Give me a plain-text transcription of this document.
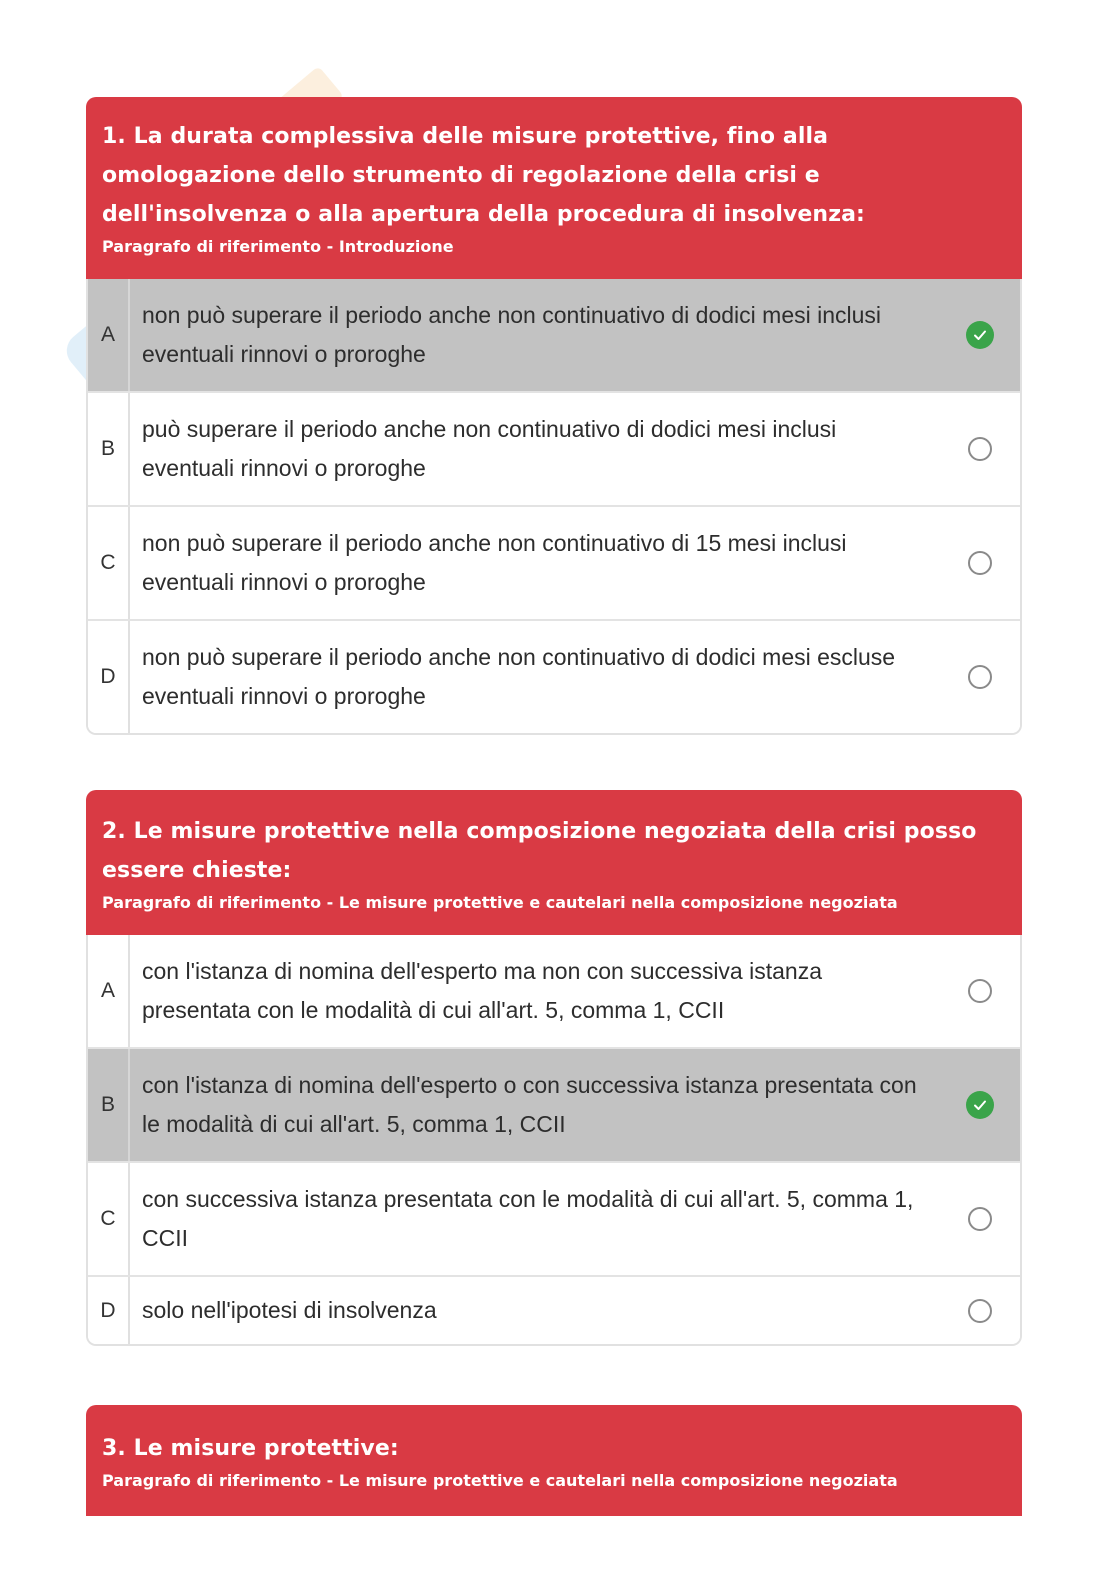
1. La durata complessiva delle misure protettive, fino alla omologazione dello strumento di regolazione della crisi e dell'insolvenza o alla apertura della procedura di insolvenza:
Paragrafo di riferimento - Introduzione
A
non può superare il periodo anche non continuativo di dodici mesi inclusi eventuali rinnovi o proroghe
B
può superare il periodo anche non continuativo di dodici mesi inclusi eventuali rinnovi o proroghe
C
non può superare il periodo anche non continuativo di 15 mesi inclusi eventuali rinnovi o proroghe
D
non può superare il periodo anche non continuativo di dodici mesi escluse eventuali rinnovi o proroghe
2. Le misure protettive nella composizione negoziata della crisi posso essere chieste:
Paragrafo di riferimento - Le misure protettive e cautelari nella composizione negoziata
A
con l'istanza di nomina dell'esperto ma non con successiva istanza presentata con le modalità di cui all'art. 5, comma 1, CCII
B
con l'istanza di nomina dell'esperto o con successiva istanza presentata con le modalità di cui all'art. 5, comma 1, CCII
C
con successiva istanza presentata con le modalità di cui all'art. 5, comma 1, CCII
D	solo nell'ipotesi di insolvenza
3. Le misure protettive:
Paragrafo di riferimento - Le misure protettive e cautelari nella composizione negoziata
